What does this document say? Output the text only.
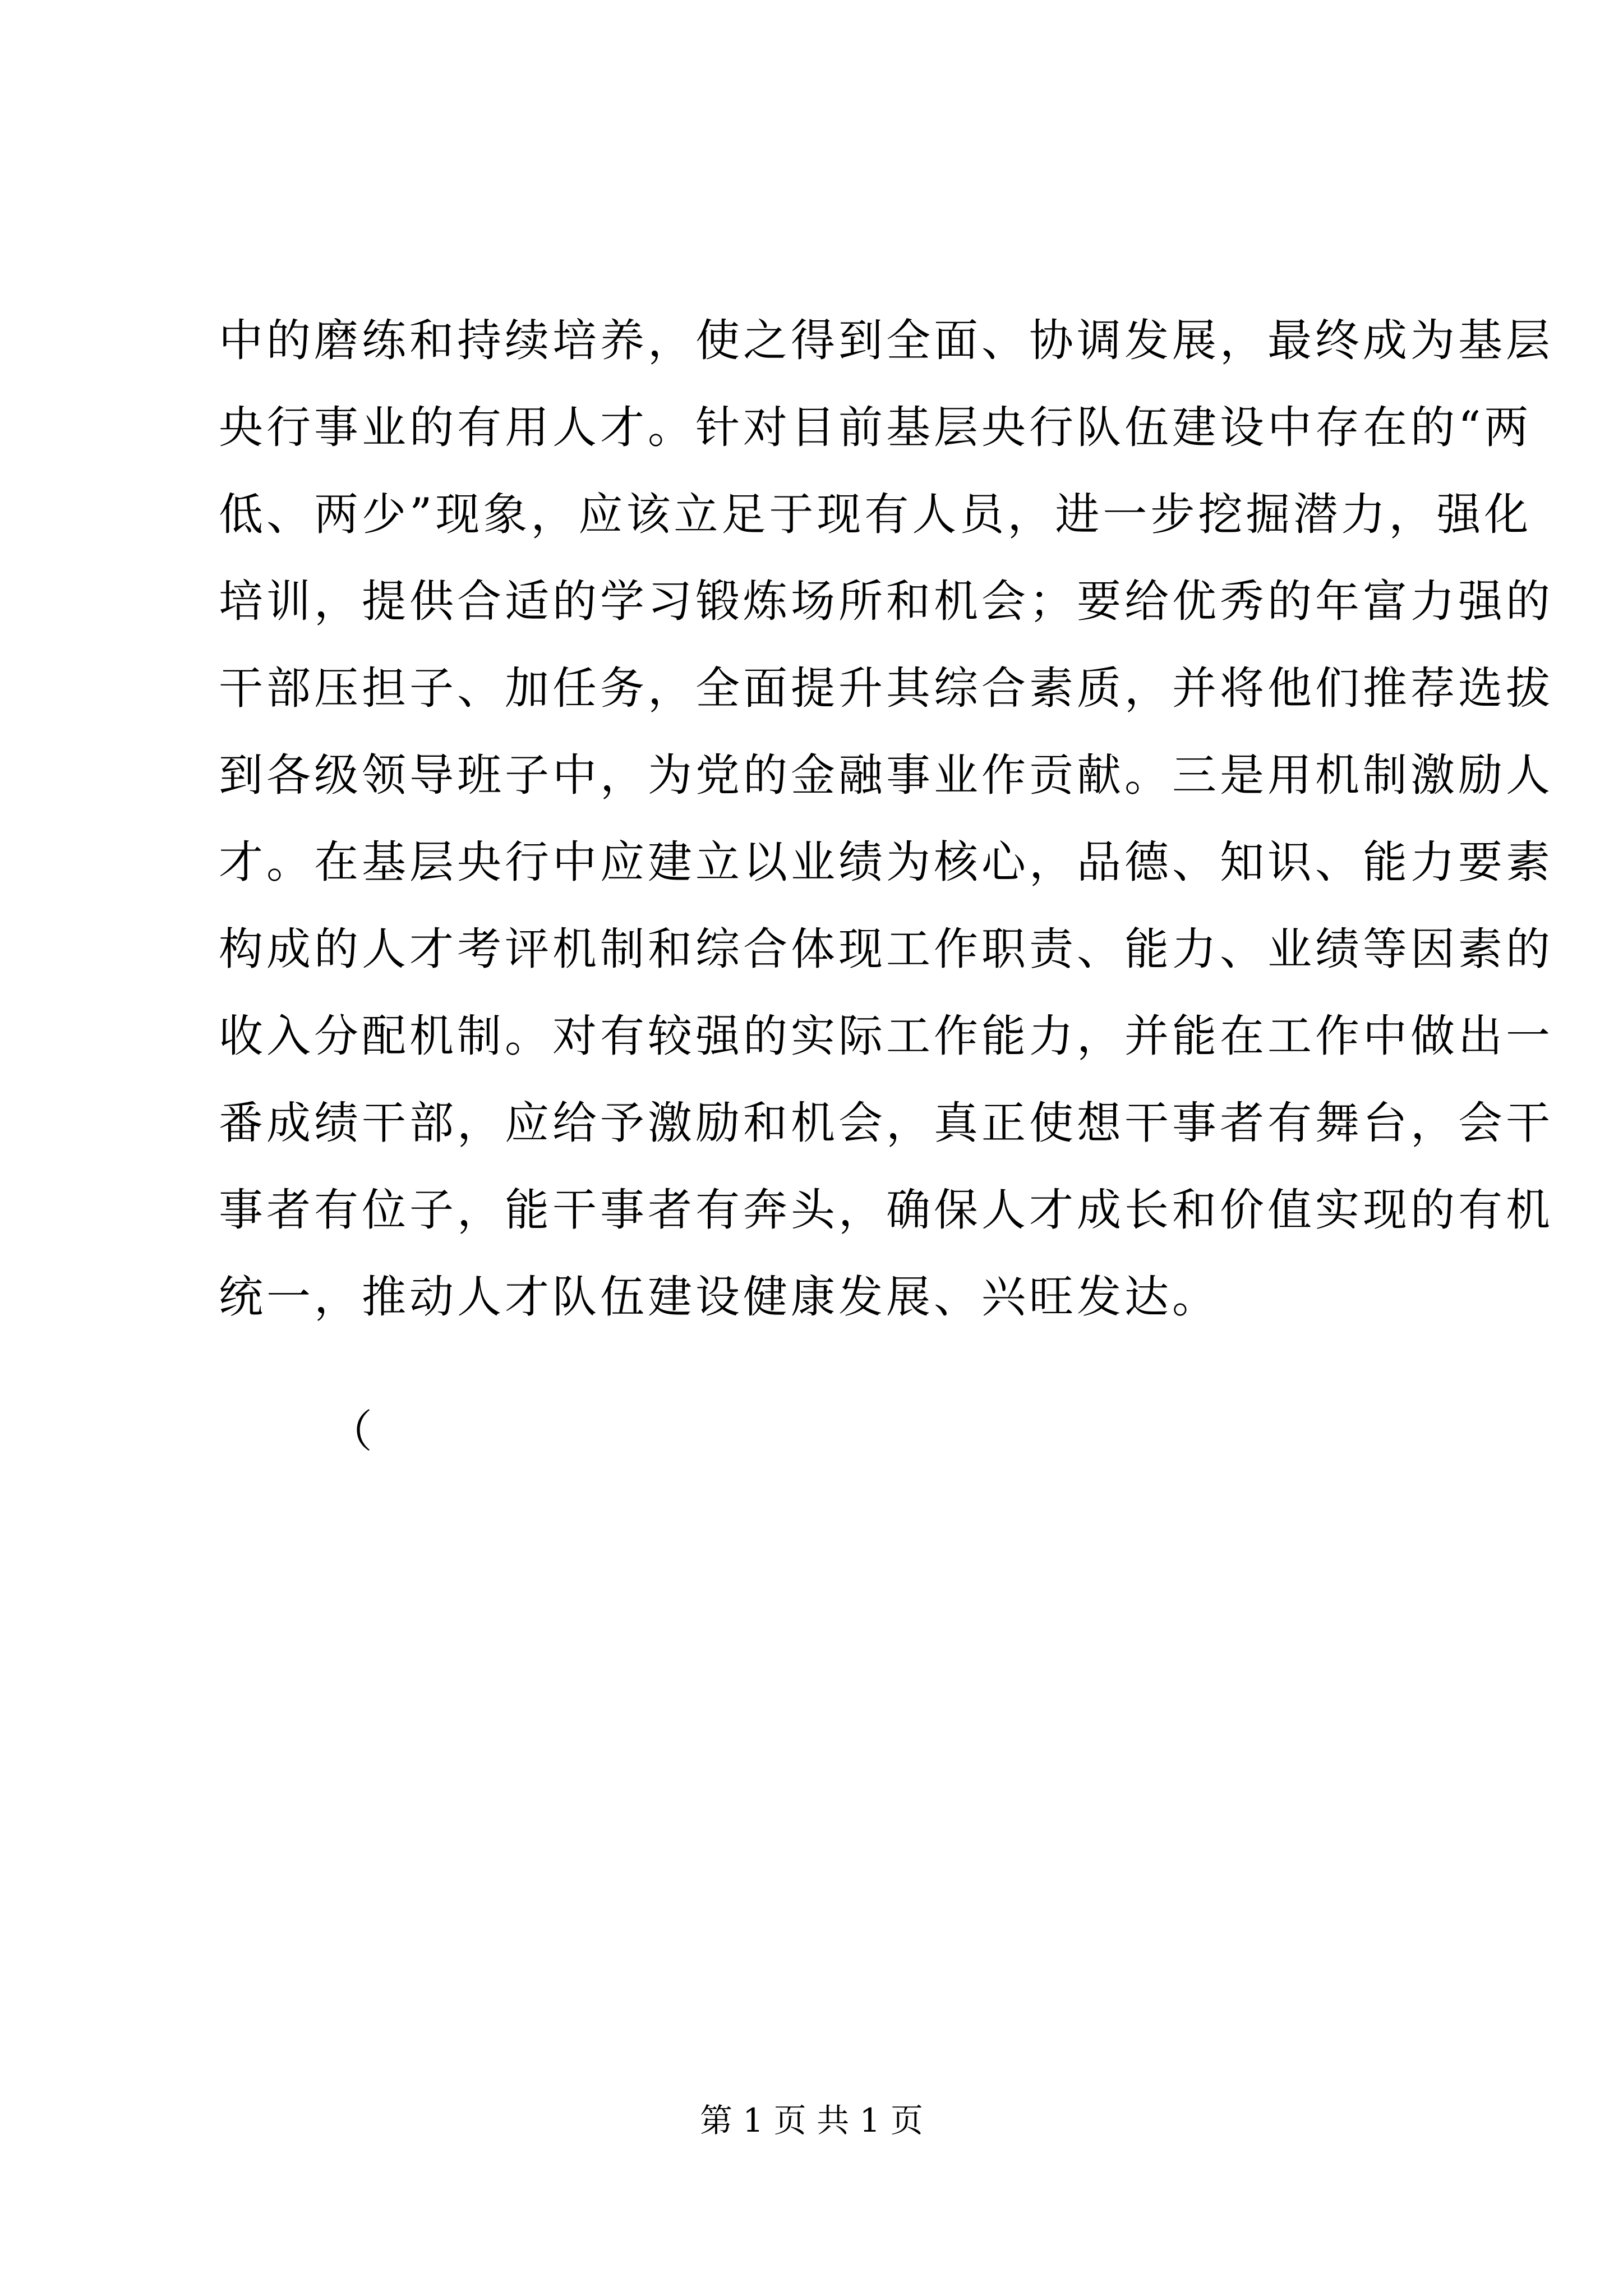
中的磨练和持续培养，使之得到全面、协调发展，最终成为基层
央行事业的有用人才。针对目前基层央行队伍建设中存在的“两
低、两少”现象，应该立足于现有人员，进一步挖掘潜力，强化
培训，提供合适的学习锻炼场所和机会；要给优秀的年富力强的
干部压担子、加任务，全面提升其综合素质，并将他们推荐选拔
到各级领导班子中，为党的金融事业作贡献。三是用机制激励人
才。在基层央行中应建立以业绩为核心，品德、知识、能力要素
构成的人才考评机制和综合体现工作职责、能力、业绩等因素的
收入分配机制。对有较强的实际工作能力，并能在工作中做出一
番成绩干部，应给予激励和机会，真正使想干事者有舞台，会干
事者有位子，能干事者有奔头，确保人才成长和价值实现的有机
统一，推动人才队伍建设健康发展、兴旺发达。
（
第 1 页 共 1 页
